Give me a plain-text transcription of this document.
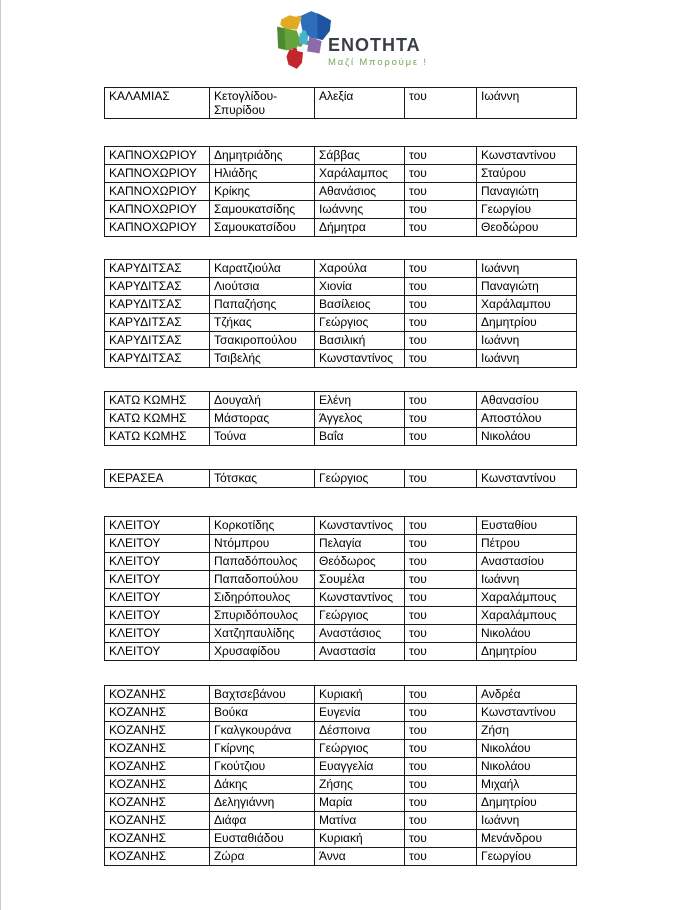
ΕΝΟΤΗΤΑ
Μαζί Μπορούμε !
ΚΑΛΑΜΙΑΣ	Κετογλίδου-Σπυρίδου	Αλεξία	του	Ιωάννη
ΚΑΠΝΟΧΩΡΙΟΥ	Δημητριάδης	Σάββας	του	Κωνσταντίνου
ΚΑΠΝΟΧΩΡΙΟΥ	Ηλιάδης	Χαράλαμπος	του	Σταύρου
ΚΑΠΝΟΧΩΡΙΟΥ	Κρίκης	Αθανάσιος	του	Παναγιώτη
ΚΑΠΝΟΧΩΡΙΟΥ	Σαμουκατσίδης	Ιωάννης	του	Γεωργίου
ΚΑΠΝΟΧΩΡΙΟΥ	Σαμουκατσίδου	Δήμητρα	του	Θεοδώρου
ΚΑΡΥΔΙΤΣΑΣ	Καρατζιούλα	Χαρούλα	του	Ιωάννη
ΚΑΡΥΔΙΤΣΑΣ	Λιούτσια	Χιονία	του	Παναγιώτη
ΚΑΡΥΔΙΤΣΑΣ	Παπαζήσης	Βασίλειος	του	Χαράλαμπου
ΚΑΡΥΔΙΤΣΑΣ	Τζήκας	Γεώργιος	του	Δημητρίου
ΚΑΡΥΔΙΤΣΑΣ	Τσακιροπούλου	Βασιλική	του	Ιωάννη
ΚΑΡΥΔΙΤΣΑΣ	Τσιβελής	Κωνσταντίνος	του	Ιωάννη
ΚΑΤΩ ΚΩΜΗΣ	Δουγαλή	Ελένη	του	Αθανασίου
ΚΑΤΩ ΚΩΜΗΣ	Μάστορας	Άγγελος	του	Αποστόλου
ΚΑΤΩ ΚΩΜΗΣ	Τούνα	Βαΐα	του	Νικολάου
ΚΕΡΑΣΕΑ	Τότσκας	Γεώργιος	του	Κωνσταντίνου
ΚΛΕΙΤΟΥ	Κορκοτίδης	Κωνσταντίνος	του	Ευσταθίου
ΚΛΕΙΤΟΥ	Ντόμπρου	Πελαγία	του	Πέτρου
ΚΛΕΙΤΟΥ	Παπαδόπουλος	Θεόδωρος	του	Αναστασίου
ΚΛΕΙΤΟΥ	Παπαδοπούλου	Σουμέλα	του	Ιωάννη
ΚΛΕΙΤΟΥ	Σιδηρόπουλος	Κωνσταντίνος	του	Χαραλάμπους
ΚΛΕΙΤΟΥ	Σπυριδόπουλος	Γεώργιος	του	Χαραλάμπους
ΚΛΕΙΤΟΥ	Χατζηπαυλίδης	Αναστάσιος	του	Νικολάου
ΚΛΕΙΤΟΥ	Χρυσαφίδου	Αναστασία	του	Δημητρίου
ΚΟΖΑΝΗΣ	Βαχτσεβάνου	Κυριακή	του	Ανδρέα
ΚΟΖΑΝΗΣ	Βούκα	Ευγενία	του	Κωνσταντίνου
ΚΟΖΑΝΗΣ	Γκαλγκουράνα	Δέσποινα	του	Ζήση
ΚΟΖΑΝΗΣ	Γκίρνης	Γεώργιος	του	Νικολάου
ΚΟΖΑΝΗΣ	Γκούτζιου	Ευαγγελία	του	Νικολάου
ΚΟΖΑΝΗΣ	Δάκης	Ζήσης	του	Μιχαήλ
ΚΟΖΑΝΗΣ	Δεληγιάννη	Μαρία	του	Δημητρίου
ΚΟΖΑΝΗΣ	Διάφα	Ματίνα	του	Ιωάννη
ΚΟΖΑΝΗΣ	Ευσταθιάδου	Κυριακή	του	Μενάνδρου
ΚΟΖΑΝΗΣ	Ζώρα	Άννα	του	Γεωργίου
